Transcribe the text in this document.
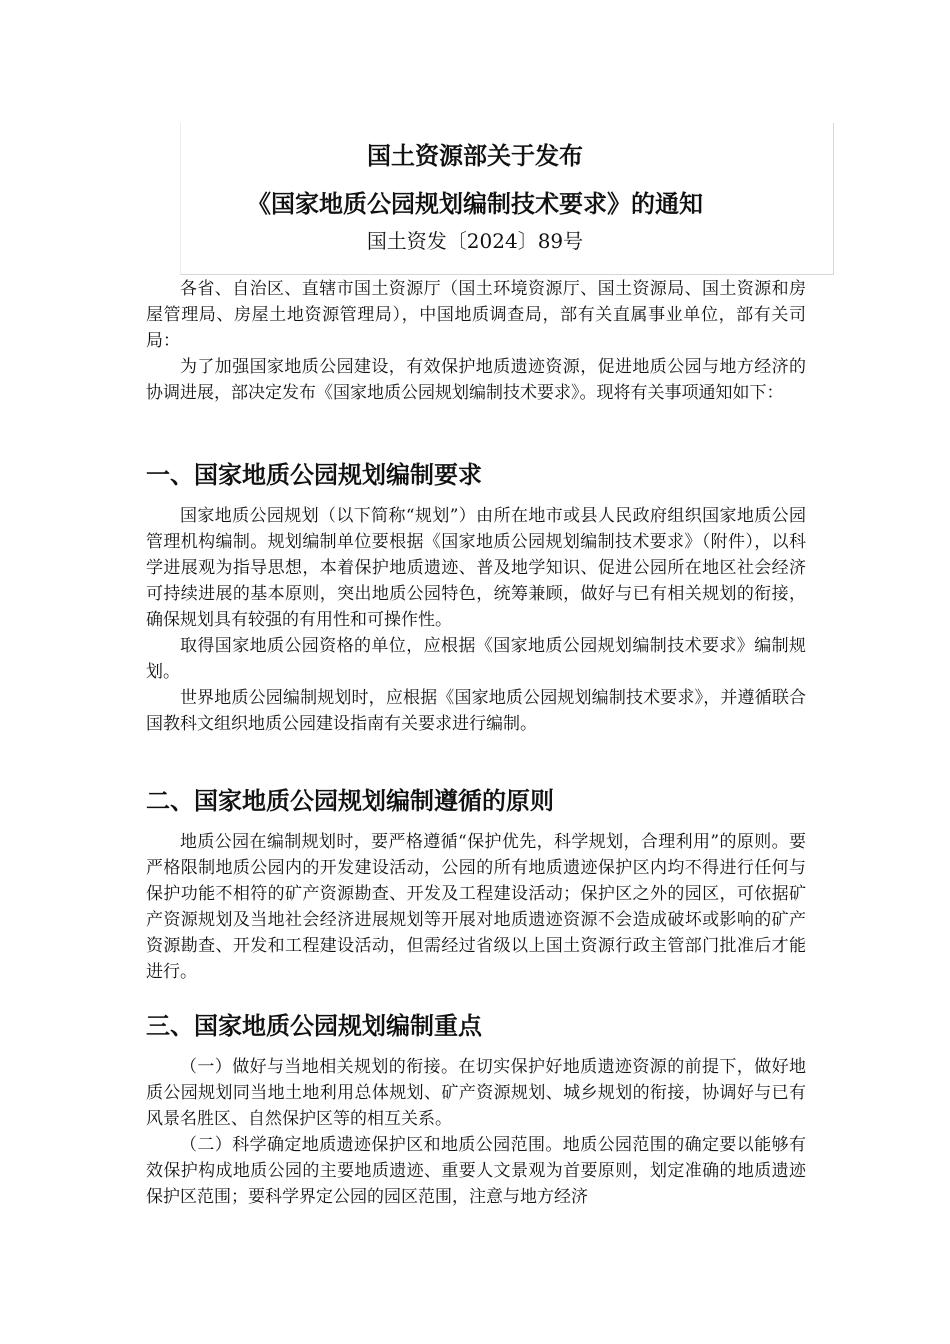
国土资源部关于发布
《国家地质公园规划编制技术要求》的通知
国土资发〔2024〕89号

各省、自治区、直辖市国土资源厅（国土环境资源厅、国土资源局、国土资源和房屋管理局、房屋土地资源管理局），中国地质调查局，部有关直属事业单位，部有关司局：

为了加强国家地质公园建设，有效保护地质遗迹资源，促进地质公园与地方经济的协调进展，部决定发布《国家地质公园规划编制技术要求》。现将有关事项通知如下：

一、国家地质公园规划编制要求

国家地质公园规划（以下简称“规划”）由所在地市或县人民政府组织国家地质公园管理机构编制。规划编制单位要根据《国家地质公园规划编制技术要求》（附件），以科学进展观为指导思想，本着保护地质遗迹、普及地学知识、促进公园所在地区社会经济可持续进展的基本原则，突出地质公园特色，统筹兼顾，做好与已有相关规划的衔接，确保规划具有较强的有用性和可操作性。

取得国家地质公园资格的单位，应根据《国家地质公园规划编制技术要求》编制规划。

世界地质公园编制规划时，应根据《国家地质公园规划编制技术要求》，并遵循联合国教科文组织地质公园建设指南有关要求进行编制。

二、国家地质公园规划编制遵循的原则

地质公园在编制规划时，要严格遵循“保护优先，科学规划，合理利用”的原则。要严格限制地质公园内的开发建设活动，公园的所有地质遗迹保护区内均不得进行任何与保护功能不相符的矿产资源勘查、开发及工程建设活动；保护区之外的园区，可依据矿产资源规划及当地社会经济进展规划等开展对地质遗迹资源不会造成破坏或影响的矿产资源勘查、开发和工程建设活动，但需经过省级以上国土资源行政主管部门批准后才能进行。

三、国家地质公园规划编制重点

（一）做好与当地相关规划的衔接。在切实保护好地质遗迹资源的前提下，做好地质公园规划同当地土地利用总体规划、矿产资源规划、城乡规划的衔接，协调好与已有风景名胜区、自然保护区等的相互关系。

（二）科学确定地质遗迹保护区和地质公园范围。地质公园范围的确定要以能够有效保护构成地质公园的主要地质遗迹、重要人文景观为首要原则，划定准确的地质遗迹保护区范围；要科学界定公园的园区范围，注意与地方经济
